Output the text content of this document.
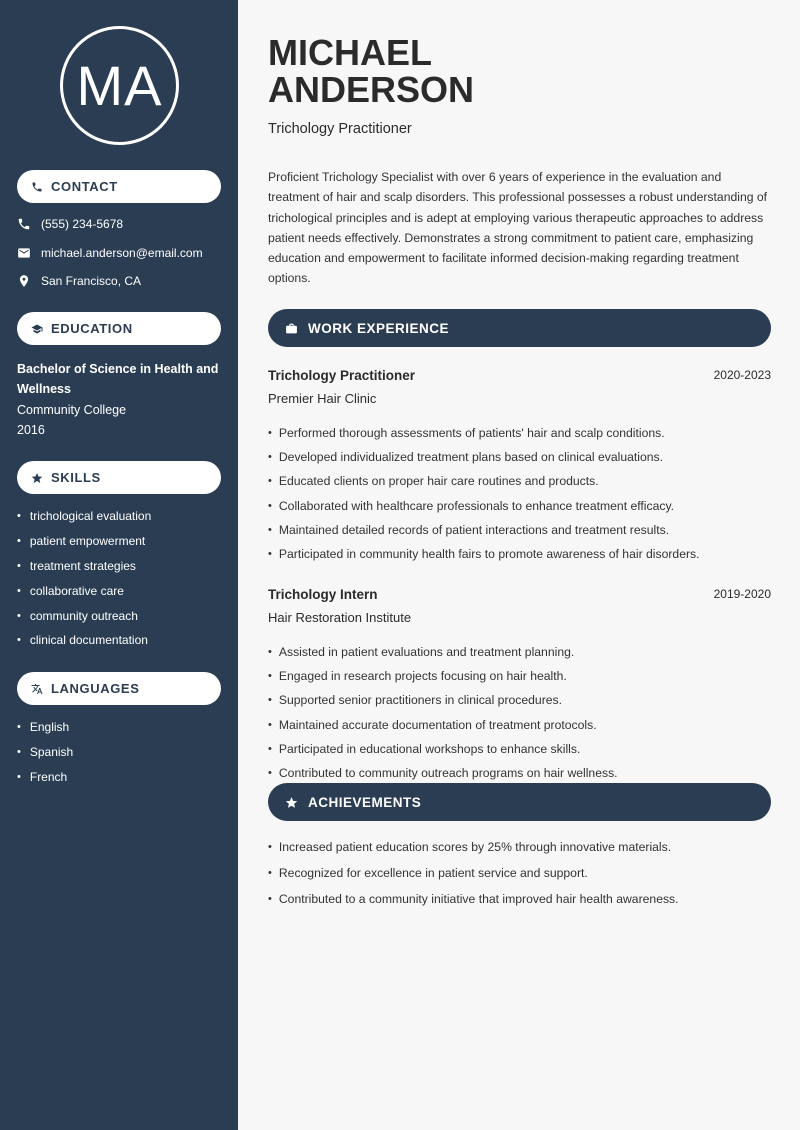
MA
CONTACT
(555) 234-5678
michael.anderson@email.com
San Francisco, CA
EDUCATION
Bachelor of Science in Health and Wellness
Community College
2016
SKILLS
• trichological evaluation
• patient empowerment
• treatment strategies
• collaborative care
• community outreach
• clinical documentation
LANGUAGES
• English
• Spanish
• French
MICHAEL
ANDERSON
Trichology Practitioner

Proficient Trichology Specialist with over 6 years of experience in the evaluation and treatment of hair and scalp disorders. This professional possesses a robust understanding of trichological principles and is adept at employing various therapeutic approaches to address patient needs effectively. Demonstrates a strong commitment to patient care, emphasizing education and empowerment to facilitate informed decision-making regarding treatment options.

WORK EXPERIENCE
Trichology Practitioner	2020-2023
Premier Hair Clinic
• Performed thorough assessments of patients' hair and scalp conditions.
• Developed individualized treatment plans based on clinical evaluations.
• Educated clients on proper hair care routines and products.
• Collaborated with healthcare professionals to enhance treatment efficacy.
• Maintained detailed records of patient interactions and treatment results.
• Participated in community health fairs to promote awareness of hair disorders.
Trichology Intern	2019-2020
Hair Restoration Institute
• Assisted in patient evaluations and treatment planning.
• Engaged in research projects focusing on hair health.
• Supported senior practitioners in clinical procedures.
• Maintained accurate documentation of treatment protocols.
• Participated in educational workshops to enhance skills.
• Contributed to community outreach programs on hair wellness.
ACHIEVEMENTS
• Increased patient education scores by 25% through innovative materials.
• Recognized for excellence in patient service and support.
• Contributed to a community initiative that improved hair health awareness.
